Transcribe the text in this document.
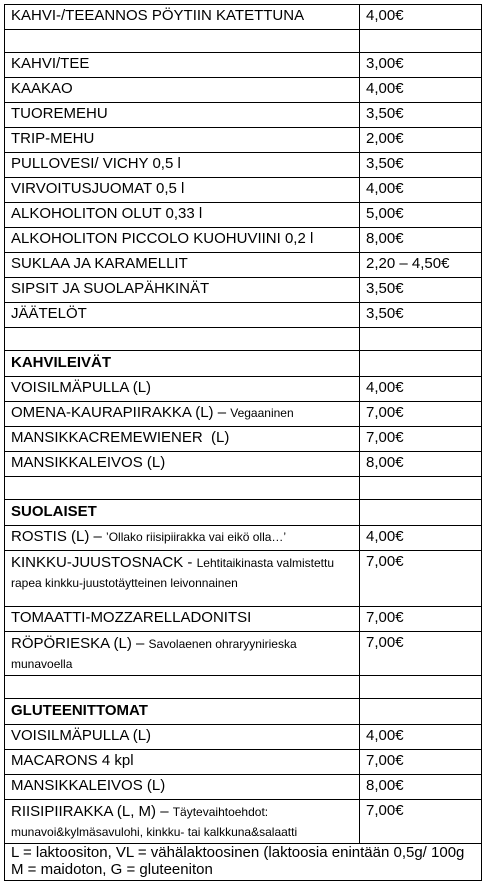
KAHVI-/TEEANNOS PÖYTIIN KATETTUNA	4,00€

KAHVI/TEE	3,00€
KAAKAO	4,00€
TUOREMEHU	3,50€
TRIP-MEHU	2,00€
PULLOVESI/ VICHY 0,5 l	3,50€
VIRVOITUSJUOMAT 0,5 l	4,00€
ALKOHOLITON OLUT 0,33 l	5,00€
ALKOHOLITON PICCOLO KUOHUVIINI 0,2 l	8,00€
SUKLAA JA KARAMELLIT	2,20 – 4,50€
SIPSIT JA SUOLAPÄHKINÄT	3,50€
JÄÄTELÖT	3,50€

KAHVILEIVÄT	
VOISILMÄPULLA (L)	4,00€
OMENA-KAURAPIIRAKKA (L) – Vegaaninen	7,00€
MANSIKKACREMEWIENER  (L)	7,00€
MANSIKKALEIVOS (L)	8,00€

SUOLAISET	
ROSTIS (L) – ’Ollako riisipiirakka vai eikö olla…’	4,00€
KINKKU-JUUSTOSNACK - Lehtitaikinasta valmistettu rapea kinkku-juustotäytteinen leivonnainen	7,00€
TOMAATTI-MOZZARELLADONITSI	7,00€
RÖPÖRIESKA (L) – Savolaenen ohraryynirieska munavoella	7,00€

GLUTEENITTOMAT	
VOISILMÄPULLA (L)	4,00€
MACARONS 4 kpl	7,00€
MANSIKKALEIVOS (L)	8,00€
RIISIPIIRAKKA (L, M) – Täytevaihtoehdot: munavoi&kylmäsavulohi, kinkku- tai kalkkuna&salaatti	7,00€

L = laktoositon, VL = vähälaktoosinen (laktoosia enintään 0,5g/ 100g
M = maidoton, G = gluteeniton	
